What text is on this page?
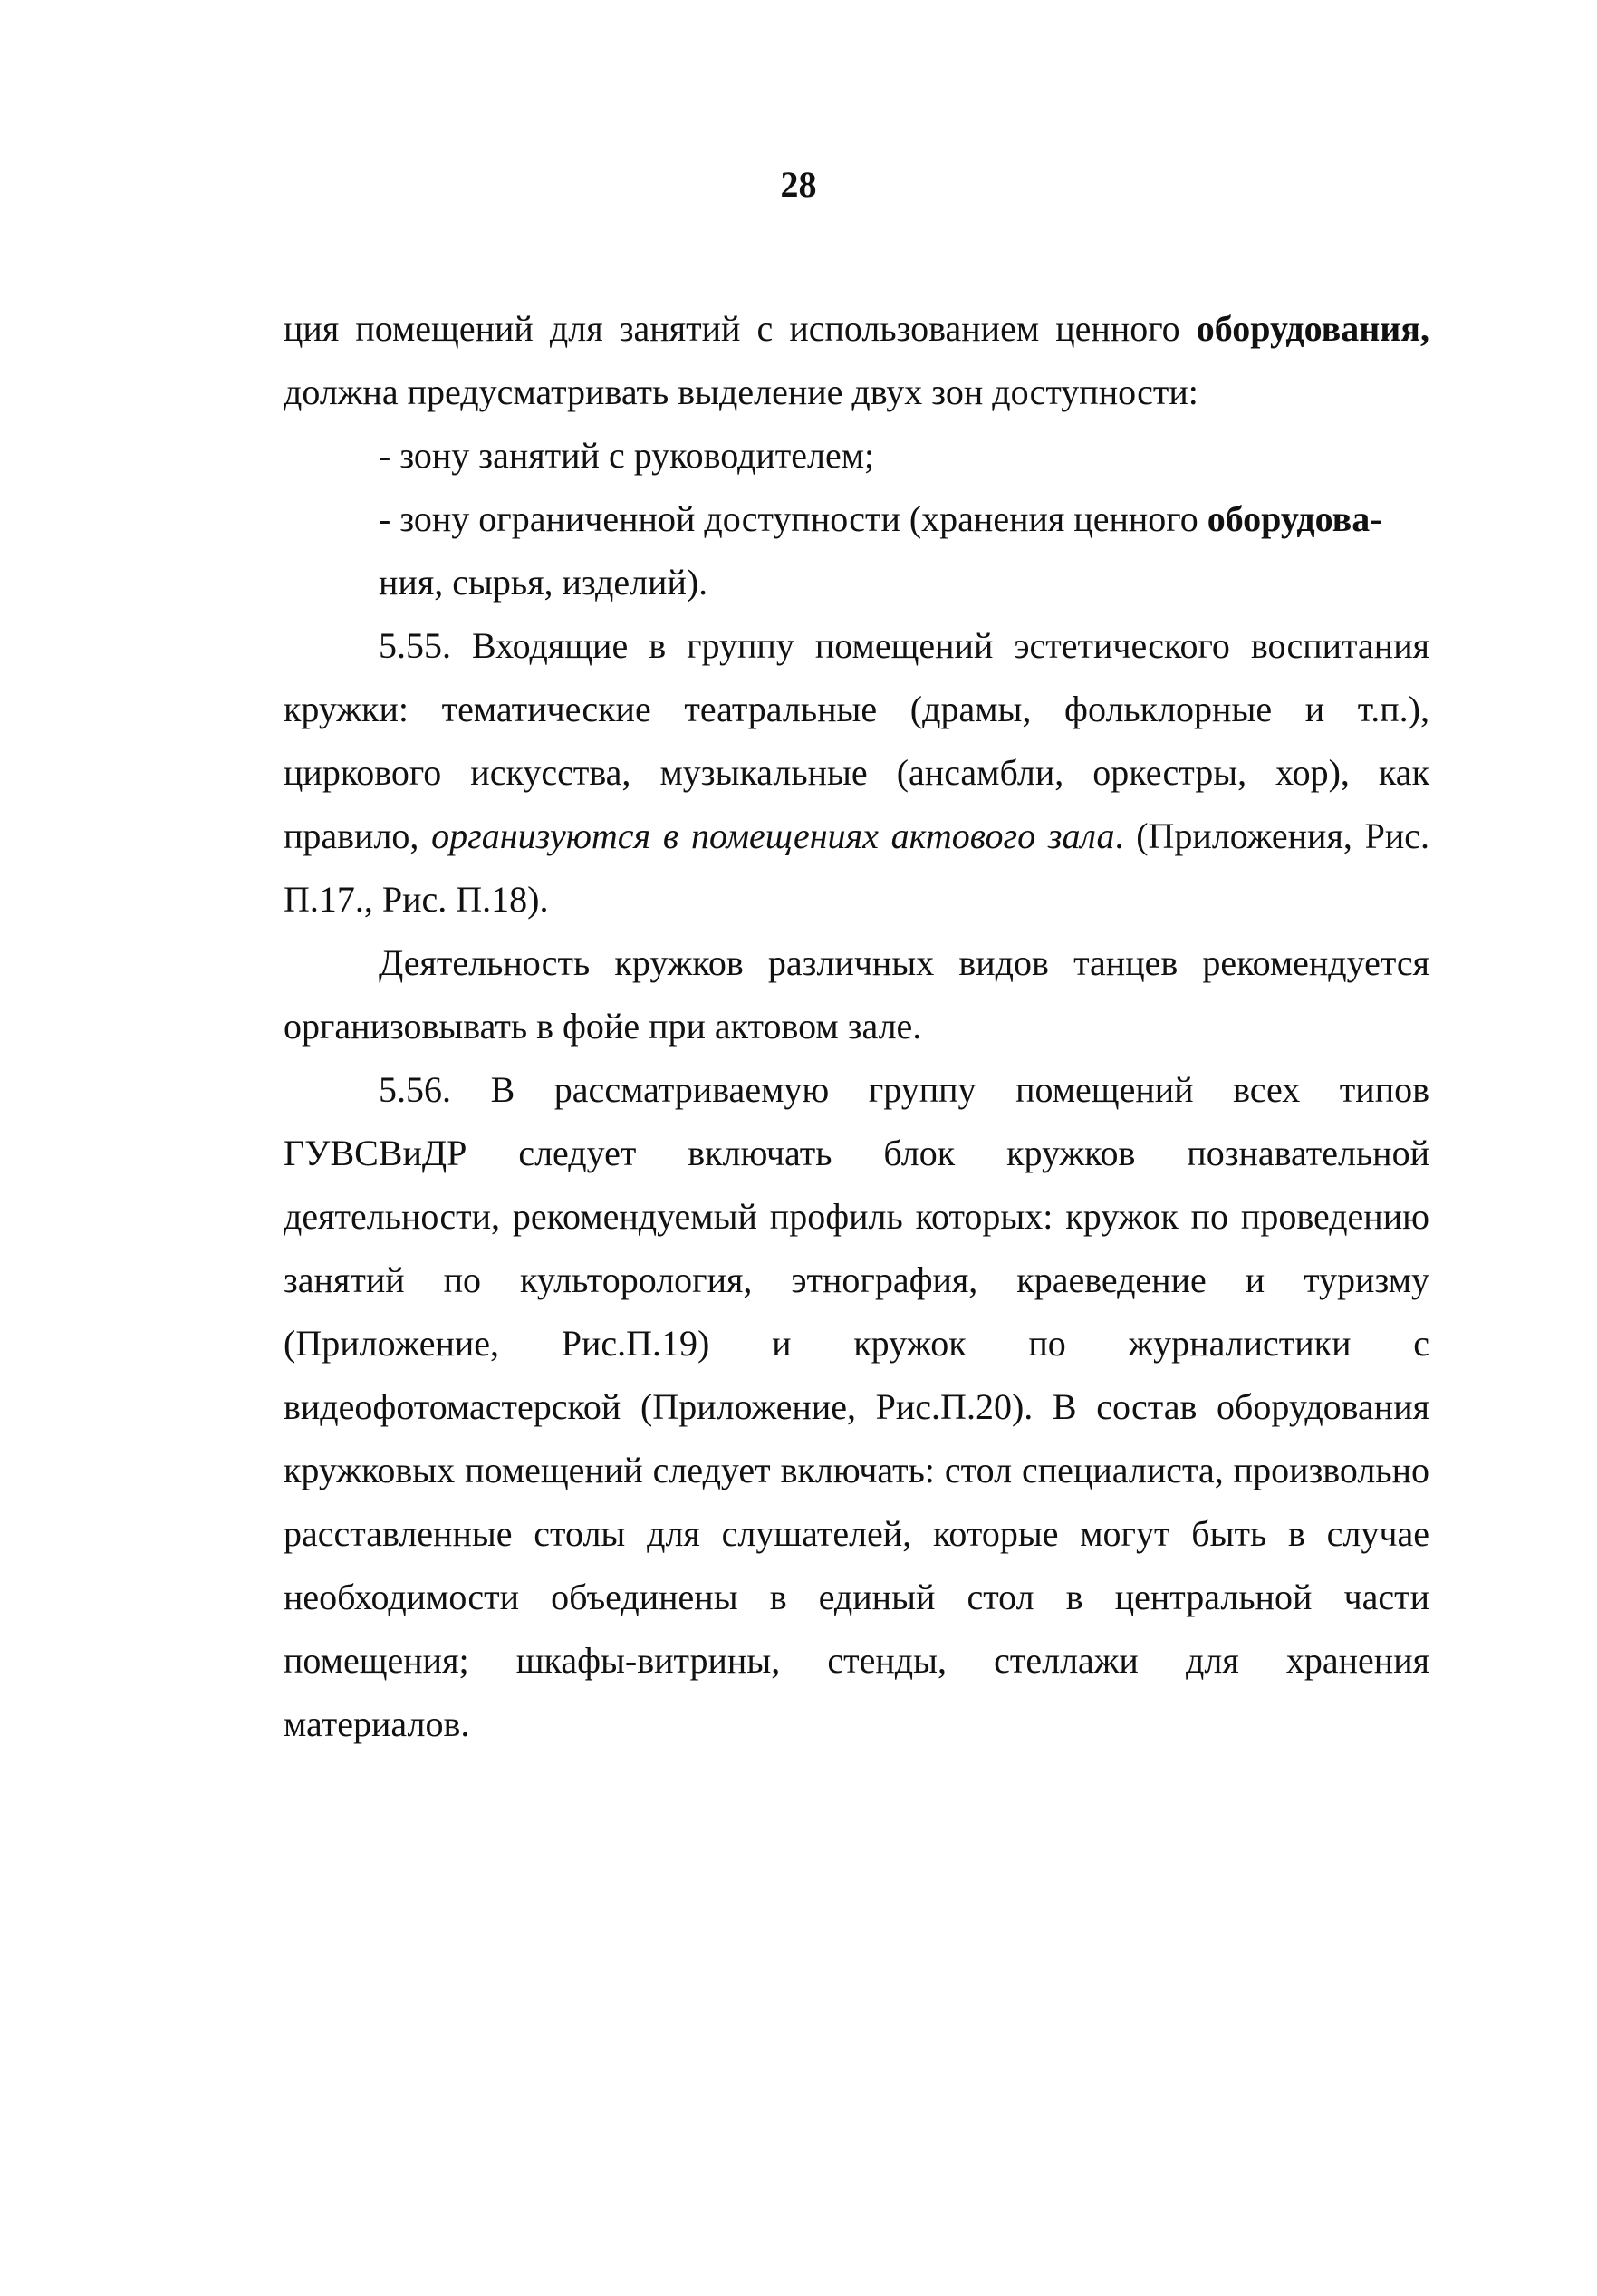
28

ция помещений для занятий с использованием ценного оборудования, должна предусматривать выделение двух зон доступности:

- зону занятий с руководителем;

- зону ограниченной доступности (хранения ценного оборудова-

ния, сырья, изделий).

5.55. Входящие в группу помещений эстетического воспитания кружки: тематические театральные (драмы, фольклорные и т.п.), циркового искусства, музыкальные (ансамбли, оркестры, хор), как правило, организуются в помещениях актового зала. (Приложения, Рис. П.17., Рис. П.18).

Деятельность кружков различных видов танцев рекомендуется организовывать в фойе при актовом зале.

5.56. В рассматриваемую группу помещений всех типов ГУВСВиДР следует включать блок кружков познавательной деятельности, рекомендуемый профиль которых: кружок по проведению занятий по культорология, этнография, краеведение и туризму (Приложение, Рис.П.19) и кружок по журналистики с видеофотомастерской (Приложение, Рис.П.20). В состав оборудования кружковых помещений следует включать: стол специалиста, произвольно расставленные столы для слушателей, которые могут быть в случае необходимости объединены в единый стол в центральной части помещения; шкафы-витрины, стенды, стеллажи для хранения материалов.
